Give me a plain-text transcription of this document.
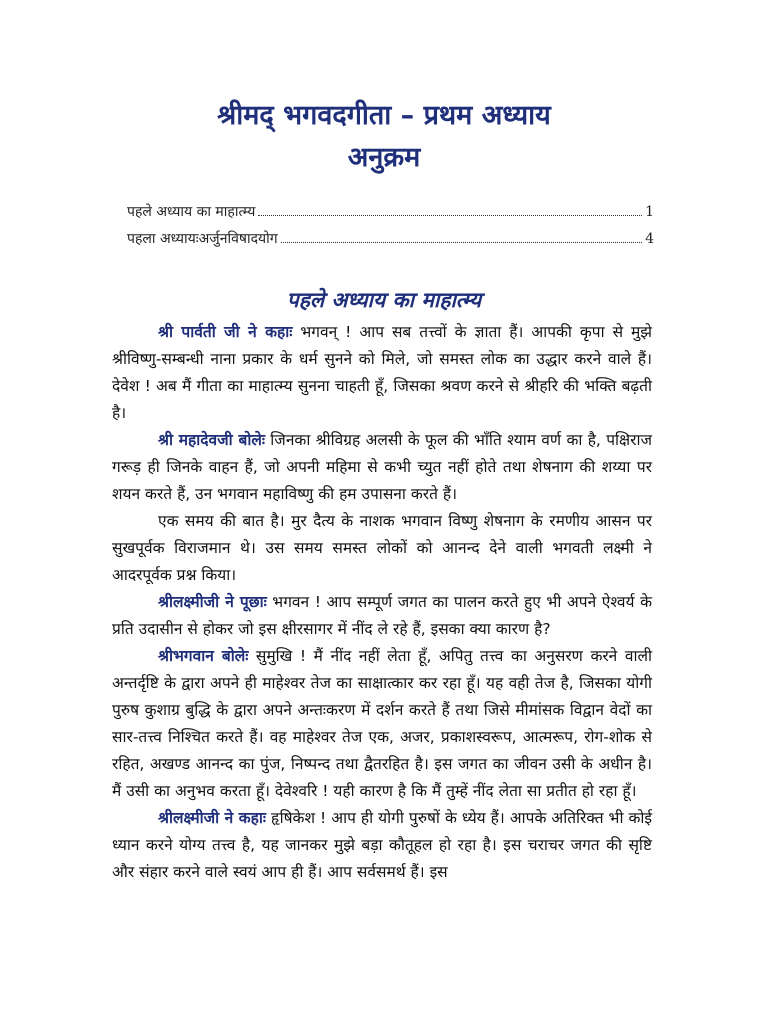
श्रीमद् भगवदगीता – प्रथम अध्याय
अनुक्रम
पहले अध्याय का माहात्म्य	1
पहला अध्यायःअर्जुनविषादयोग	4
पहले अध्याय का माहात्म्य

श्री पार्वती जी ने कहाः भगवन् ! आप सब तत्त्वों के ज्ञाता हैं। आपकी कृपा से मुझे श्रीविष्णु-सम्बन्धी नाना प्रकार के धर्म सुनने को मिले, जो समस्त लोक का उद्धार करने वाले हैं। देवेश ! अब मैं गीता का माहात्म्य सुनना चाहती हूँ, जिसका श्रवण करने से श्रीहरि की भक्ति बढ़ती है।

श्री महादेवजी बोलेः जिनका श्रीविग्रह अलसी के फूल की भाँति श्याम वर्ण का है, पक्षिराज गरूड़ ही जिनके वाहन हैं, जो अपनी महिमा से कभी च्युत नहीं होते तथा शेषनाग की शय्या पर शयन करते हैं, उन भगवान महाविष्णु की हम उपासना करते हैं।

एक समय की बात है। मुर दैत्य के नाशक भगवान विष्णु शेषनाग के रमणीय आसन पर सुखपूर्वक विराजमान थे। उस समय समस्त लोकों को आनन्द देने वाली भगवती लक्ष्मी ने आदरपूर्वक प्रश्न किया।

श्रीलक्ष्मीजी ने पूछाः भगवन ! आप सम्पूर्ण जगत का पालन करते हुए भी अपने ऐश्वर्य के प्रति उदासीन से होकर जो इस क्षीरसागर में नींद ले रहे हैं, इसका क्या कारण है?

श्रीभगवान बोलेः सुमुखि ! मैं नींद नहीं लेता हूँ, अपितु तत्त्व का अनुसरण करने वाली अन्तर्दृष्टि के द्वारा अपने ही माहेश्वर तेज का साक्षात्कार कर रहा हूँ। यह वही तेज है, जिसका योगी पुरुष कुशाग्र बुद्धि के द्वारा अपने अन्तःकरण में दर्शन करते हैं तथा जिसे मीमांसक विद्वान वेदों का सार-तत्त्व निश्चित करते हैं। वह माहेश्वर तेज एक, अजर, प्रकाशस्वरूप, आत्मरूप, रोग-शोक से रहित, अखण्ड आनन्द का पुंज, निष्पन्द तथा द्वैतरहित है। इस जगत का जीवन उसी के अधीन है। मैं उसी का अनुभव करता हूँ। देवेश्वरि ! यही कारण है कि मैं तुम्हें नींद लेता सा प्रतीत हो रहा हूँ।

श्रीलक्ष्मीजी ने कहाः हृषिकेश ! आप ही योगी पुरुषों के ध्येय हैं। आपके अतिरिक्त भी कोई ध्यान करने योग्य तत्त्व है, यह जानकर मुझे बड़ा कौतूहल हो रहा है। इस चराचर जगत की सृष्टि और संहार करने वाले स्वयं आप ही हैं। आप सर्वसमर्थ हैं। इस
